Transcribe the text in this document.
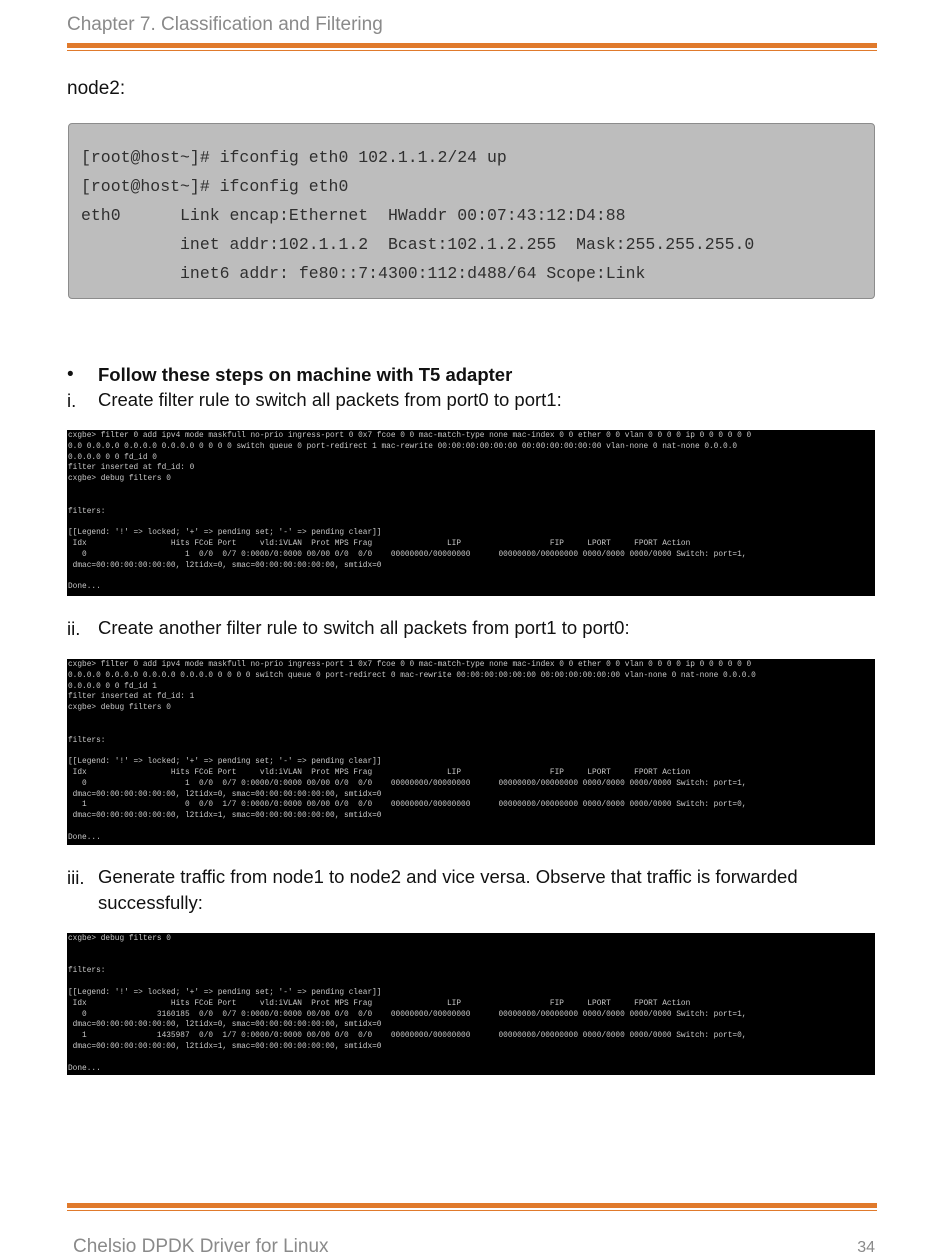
Chapter 7. Classification and Filtering
node2:
[root@host~]# ifconfig eth0 102.1.1.2/24 up
[root@host~]# ifconfig eth0
eth0      Link encap:Ethernet  HWaddr 00:07:43:12:D4:88
inet addr:102.1.1.2  Bcast:102.1.2.255  Mask:255.255.255.0
inet6 addr: fe80::7:4300:112:d488/64 Scope:Link
• Follow these steps on machine with T5 adapter
i. Create filter rule to switch all packets from port0 to port1:
cxgbe> filter 0 add ipv4 mode maskfull no-prio ingress-port 0 0x7 fcoe 0 0 mac-match-type none mac-index 0 0 ether 0 0 vlan 0 0 0 0 ip 0 0 0 0 0 0
0.0 0.0.0.0 0.0.0.0 0.0.0.0 0 0 0 0 switch queue 0 port-redirect 1 mac-rewrite 00:00:00:00:00:00 00:00:00:00:00:00 vlan-none 0 nat-none 0.0.0.0
0.0.0.0 0 0 fd_id 0
filter inserted at fd_id: 0
cxgbe> debug filters 0
filters:
[[Legend: '!' => locked; '+' => pending set; '-' => pending clear]]
Idx                  Hits FCoE Port     vld:iVLAN  Prot MPS Frag                LIP                   FIP     LPORT     FPORT Action
0                     1  0/0  0/7 0:0000/0:0000 00/00 0/0  0/0    00000000/00000000      00000000/00000000 0000/0000 0000/0000 Switch: port=1,
dmac=00:00:00:00:00:00, l2tidx=0, smac=00:00:00:00:00:00, smtidx=0
Done...
ii. Create another filter rule to switch all packets from port1 to port0:
cxgbe> filter 0 add ipv4 mode maskfull no-prio ingress-port 1 0x7 fcoe 0 0 mac-match-type none mac-index 0 0 ether 0 0 vlan 0 0 0 0 ip 0 0 0 0 0 0
0.0.0.0 0.0.0.0 0.0.0.0 0.0.0.0 0 0 0 0 switch queue 0 port-redirect 0 mac-rewrite 00:00:00:00:00:00 00:00:00:00:00:00 vlan-none 0 nat-none 0.0.0.0
0.0.0.0 0 0 fd_id 1
filter inserted at fd_id: 1
cxgbe> debug filters 0
filters:
[[Legend: '!' => locked; '+' => pending set; '-' => pending clear]]
Idx                  Hits FCoE Port     vld:iVLAN  Prot MPS Frag                LIP                   FIP     LPORT     FPORT Action
0                     1  0/0  0/7 0:0000/0:0000 00/00 0/0  0/0    00000000/00000000      00000000/00000000 0000/0000 0000/0000 Switch: port=1,
dmac=00:00:00:00:00:00, l2tidx=0, smac=00:00:00:00:00:00, smtidx=0
1                     0  0/0  1/7 0:0000/0:0000 00/00 0/0  0/0    00000000/00000000      00000000/00000000 0000/0000 0000/0000 Switch: port=0,
dmac=00:00:00:00:00:00, l2tidx=1, smac=00:00:00:00:00:00, smtidx=0
Done...
iii. Generate traffic from node1 to node2 and vice versa. Observe that traffic is forwarded successfully:
cxgbe> debug filters 0
filters:
[[Legend: '!' => locked; '+' => pending set; '-' => pending clear]]
Idx                  Hits FCoE Port     vld:iVLAN  Prot MPS Frag                LIP                   FIP     LPORT     FPORT Action
0               3160185  0/0  0/7 0:0000/0:0000 00/00 0/0  0/0    00000000/00000000      00000000/00000000 0000/0000 0000/0000 Switch: port=1,
dmac=00:00:00:00:00:00, l2tidx=0, smac=00:00:00:00:00:00, smtidx=0
1               1435987  0/0  1/7 0:0000/0:0000 00/00 0/0  0/0    00000000/00000000      00000000/00000000 0000/0000 0000/0000 Switch: port=0,
dmac=00:00:00:00:00:00, l2tidx=1, smac=00:00:00:00:00:00, smtidx=0
Done...
Chelsio DPDK Driver for Linux	34
